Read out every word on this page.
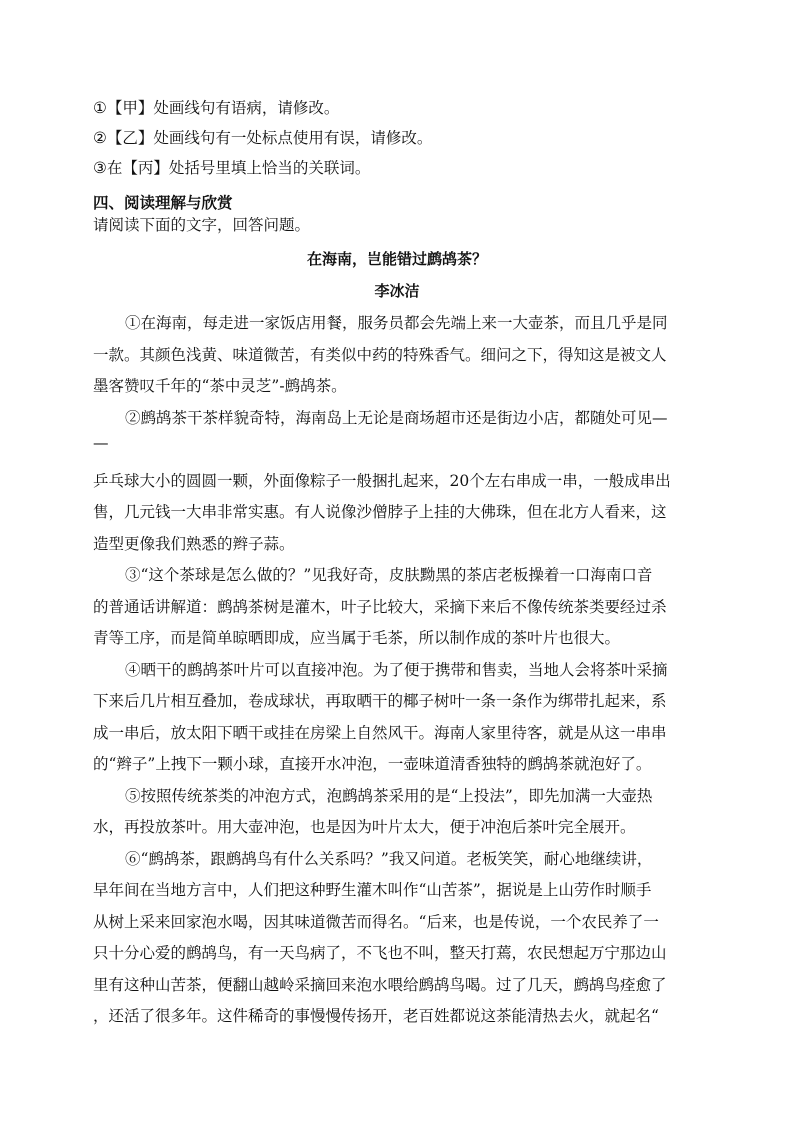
①【甲】处画线句有语病，请修改。
②【乙】处画线句有一处标点使用有误，请修改。
③在【丙】处括号里填上恰当的关联词。
四、阅读理解与欣赏
请阅读下面的文字，回答问题。
在海南，岂能错过鹧鸪茶？
李冰洁
①在海南，每走进一家饭店用餐，服务员都会先端上来一大壶茶，而且几乎是同
一款。其颜色浅黄、味道微苦，有类似中药的特殊香气。细问之下，得知这是被文人
墨客赞叹千年的“茶中灵芝”-鹧鸪茶。
②鹧鸪茶干茶样貌奇特，海南岛上无论是商场超市还是街边小店，都随处可见—
—
乒乓球大小的圆圆一颗，外面像粽子一般捆扎起来，20个左右串成一串，一般成串出
售，几元钱一大串非常实惠。有人说像沙僧脖子上挂的大佛珠，但在北方人看来，这
造型更像我们熟悉的辫子蒜。
③“这个茶球是怎么做的？”见我好奇，皮肤黝黑的茶店老板操着一口海南口音
的普通话讲解道：鹧鸪茶树是灌木，叶子比较大，采摘下来后不像传统茶类要经过杀
青等工序，而是简单晾晒即成，应当属于毛茶，所以制作成的茶叶片也很大。
④晒干的鹧鸪茶叶片可以直接冲泡。为了便于携带和售卖，当地人会将茶叶采摘
下来后几片相互叠加，卷成球状，再取晒干的椰子树叶一条一条作为绑带扎起来，系
成一串后，放太阳下晒干或挂在房梁上自然风干。海南人家里待客，就是从这一串串
的“辫子”上拽下一颗小球，直接开水冲泡，一壶味道清香独特的鹧鸪茶就泡好了。
⑤按照传统茶类的冲泡方式，泡鹧鸪茶采用的是“上投法”，即先加满一大壶热
水，再投放茶叶。用大壶冲泡，也是因为叶片太大，便于冲泡后茶叶完全展开。
⑥“鹧鸪茶，跟鹧鸪鸟有什么关系吗？”我又问道。老板笑笑，耐心地继续讲，
早年间在当地方言中，人们把这种野生灌木叫作“山苦茶”，据说是上山劳作时顺手
从树上采来回家泡水喝，因其味道微苦而得名。“后来，也是传说，一个农民养了一
只十分心爱的鹧鸪鸟，有一天鸟病了，不飞也不叫，整天打蔫，农民想起万宁那边山
里有这种山苦茶，便翻山越岭采摘回来泡水喂给鹧鸪鸟喝。过了几天，鹧鸪鸟痊愈了
，还活了很多年。这件稀奇的事慢慢传扬开，老百姓都说这茶能清热去火，就起名“
